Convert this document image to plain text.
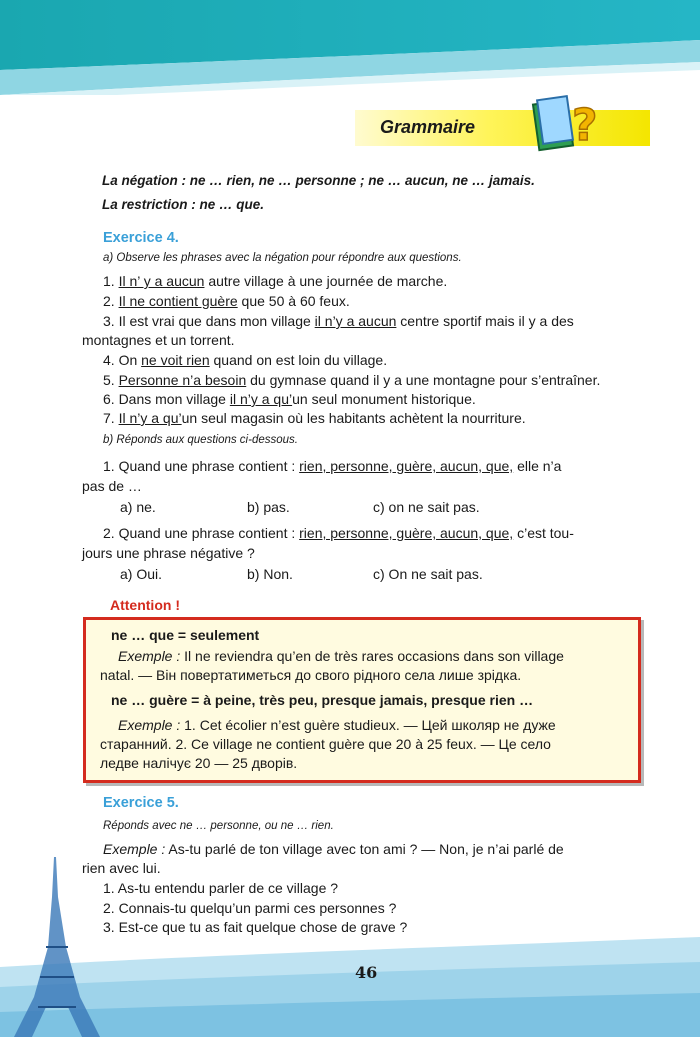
Grammaire ?
La négation : ne … rien, ne … personne ; ne … aucun, ne … jamais.
La restriction : ne … que.
Exercice 4.
a) Observe les phrases avec la négation pour répondre aux questions.
1. Il n’ y a aucun autre village à une journée de marche.
2. Il ne contient guère que 50 à 60 feux.
3. Il est vrai que dans mon village il n’y a aucun centre sportif mais il y a des
montagnes et un torrent.
4. On ne voit rien quand on est loin du village.
5. Personne n’a besoin du gymnase quand il y a une montagne pour s’entraîner.
6. Dans mon village il n’y a qu’un seul monument historique.
7. Il n’y a qu’un seul magasin où les habitants achètent la nourriture.
b) Réponds aux questions ci-dessous.
1. Quand une phrase contient : rien, personne, guère, aucun, que, elle n’a
pas de …
a) ne.	b) pas.	c) on ne sait pas.
2. Quand une phrase contient : rien, personne, guère, aucun, que, c’est tou-
jours une phrase négative ?
a) Oui.	b) Non.	c) On ne sait pas.
Attention !
ne … que = seulement
Exemple : Il ne reviendra qu’en de très rares occasions dans son village
natal. — Він повертатиметься до свого рідного села лише зрідка.
ne … guère = à peine, très peu, presque jamais, presque rien …
Exemple : 1. Cet écolier n’est guère studieux. — Цей школяр не дуже
старанний. 2. Ce village ne contient guère que 20 à 25 feux. — Це село
ледве налічує 20 — 25 дворів.
Exercice 5.
Réponds avec ne … personne, ou ne … rien.
Exemple : As-tu parlé de ton village avec ton ami ? — Non, je n’ai parlé de
rien avec lui.
1. As-tu entendu parler de ce village ?
2. Connais-tu quelqu’un parmi ces personnes ?
3. Est-ce que tu as fait quelque chose de grave ?
46
